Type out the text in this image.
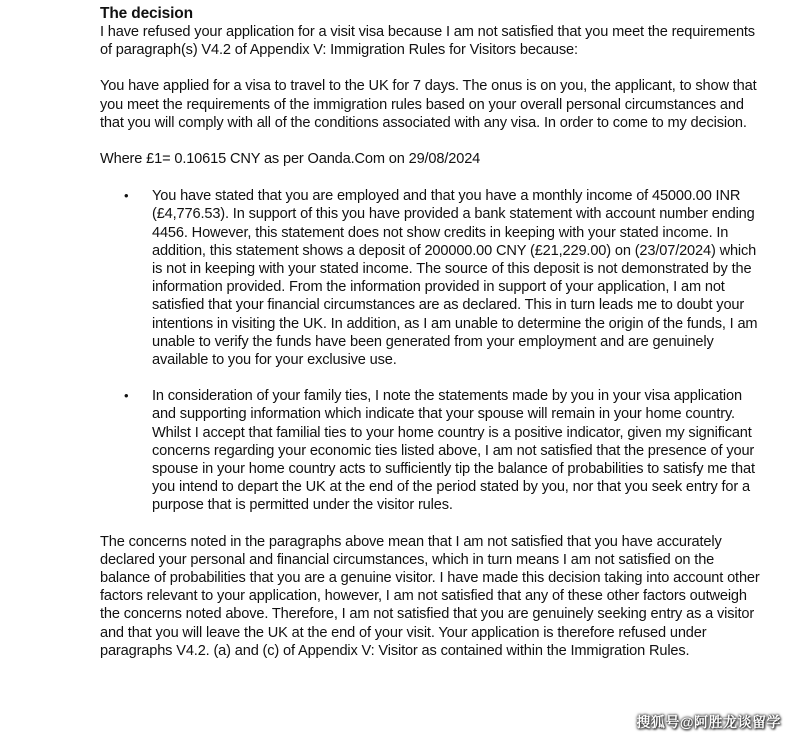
The decision

I have refused your application for a visit visa because I am not satisfied that you meet the requirements of paragraph(s) V4.2 of Appendix V: Immigration Rules for Visitors because:

You have applied for a visa to travel to the UK for 7 days. The onus is on you, the applicant, to show that you meet the requirements of the immigration rules based on your overall personal circumstances and that you will comply with all of the conditions associated with any visa. In order to come to my decision.

Where £1= 0.10615 CNY as per Oanda.Com on 29/08/2024

• You have stated that you are employed and that you have a monthly income of 45000.00 INR (£4,776.53). In support of this you have provided a bank statement with account number ending 4456. However, this statement does not show credits in keeping with your stated income. In addition, this statement shows a deposit of 200000.00 CNY (£21,229.00) on (23/07/2024) which is not in keeping with your stated income. The source of this deposit is not demonstrated by the information provided. From the information provided in support of your application, I am not satisfied that your financial circumstances are as declared. This in turn leads me to doubt your intentions in visiting the UK. In addition, as I am unable to determine the origin of the funds, I am unable to verify the funds have been generated from your employment and are genuinely available to you for your exclusive use.
• In consideration of your family ties, I note the statements made by you in your visa application and supporting information which indicate that your spouse will remain in your home country. Whilst I accept that familial ties to your home country is a positive indicator, given my significant concerns regarding your economic ties listed above, I am not satisfied that the presence of your spouse in your home country acts to sufficiently tip the balance of probabilities to satisfy me that you intend to depart the UK at the end of the period stated by you, nor that you seek entry for a purpose that is permitted under the visitor rules.

The concerns noted in the paragraphs above mean that I am not satisfied that you have accurately declared your personal and financial circumstances, which in turn means I am not satisfied on the balance of probabilities that you are a genuine visitor. I have made this decision taking into account other factors relevant to your application, however, I am not satisfied that any of these other factors outweigh the concerns noted above. Therefore, I am not satisfied that you are genuinely seeking entry as a visitor and that you will leave the UK at the end of your visit. Your application is therefore refused under paragraphs V4.2. (a) and (c) of Appendix V: Visitor as contained within the Immigration Rules.

搜狐号@阿胜龙谈留学
